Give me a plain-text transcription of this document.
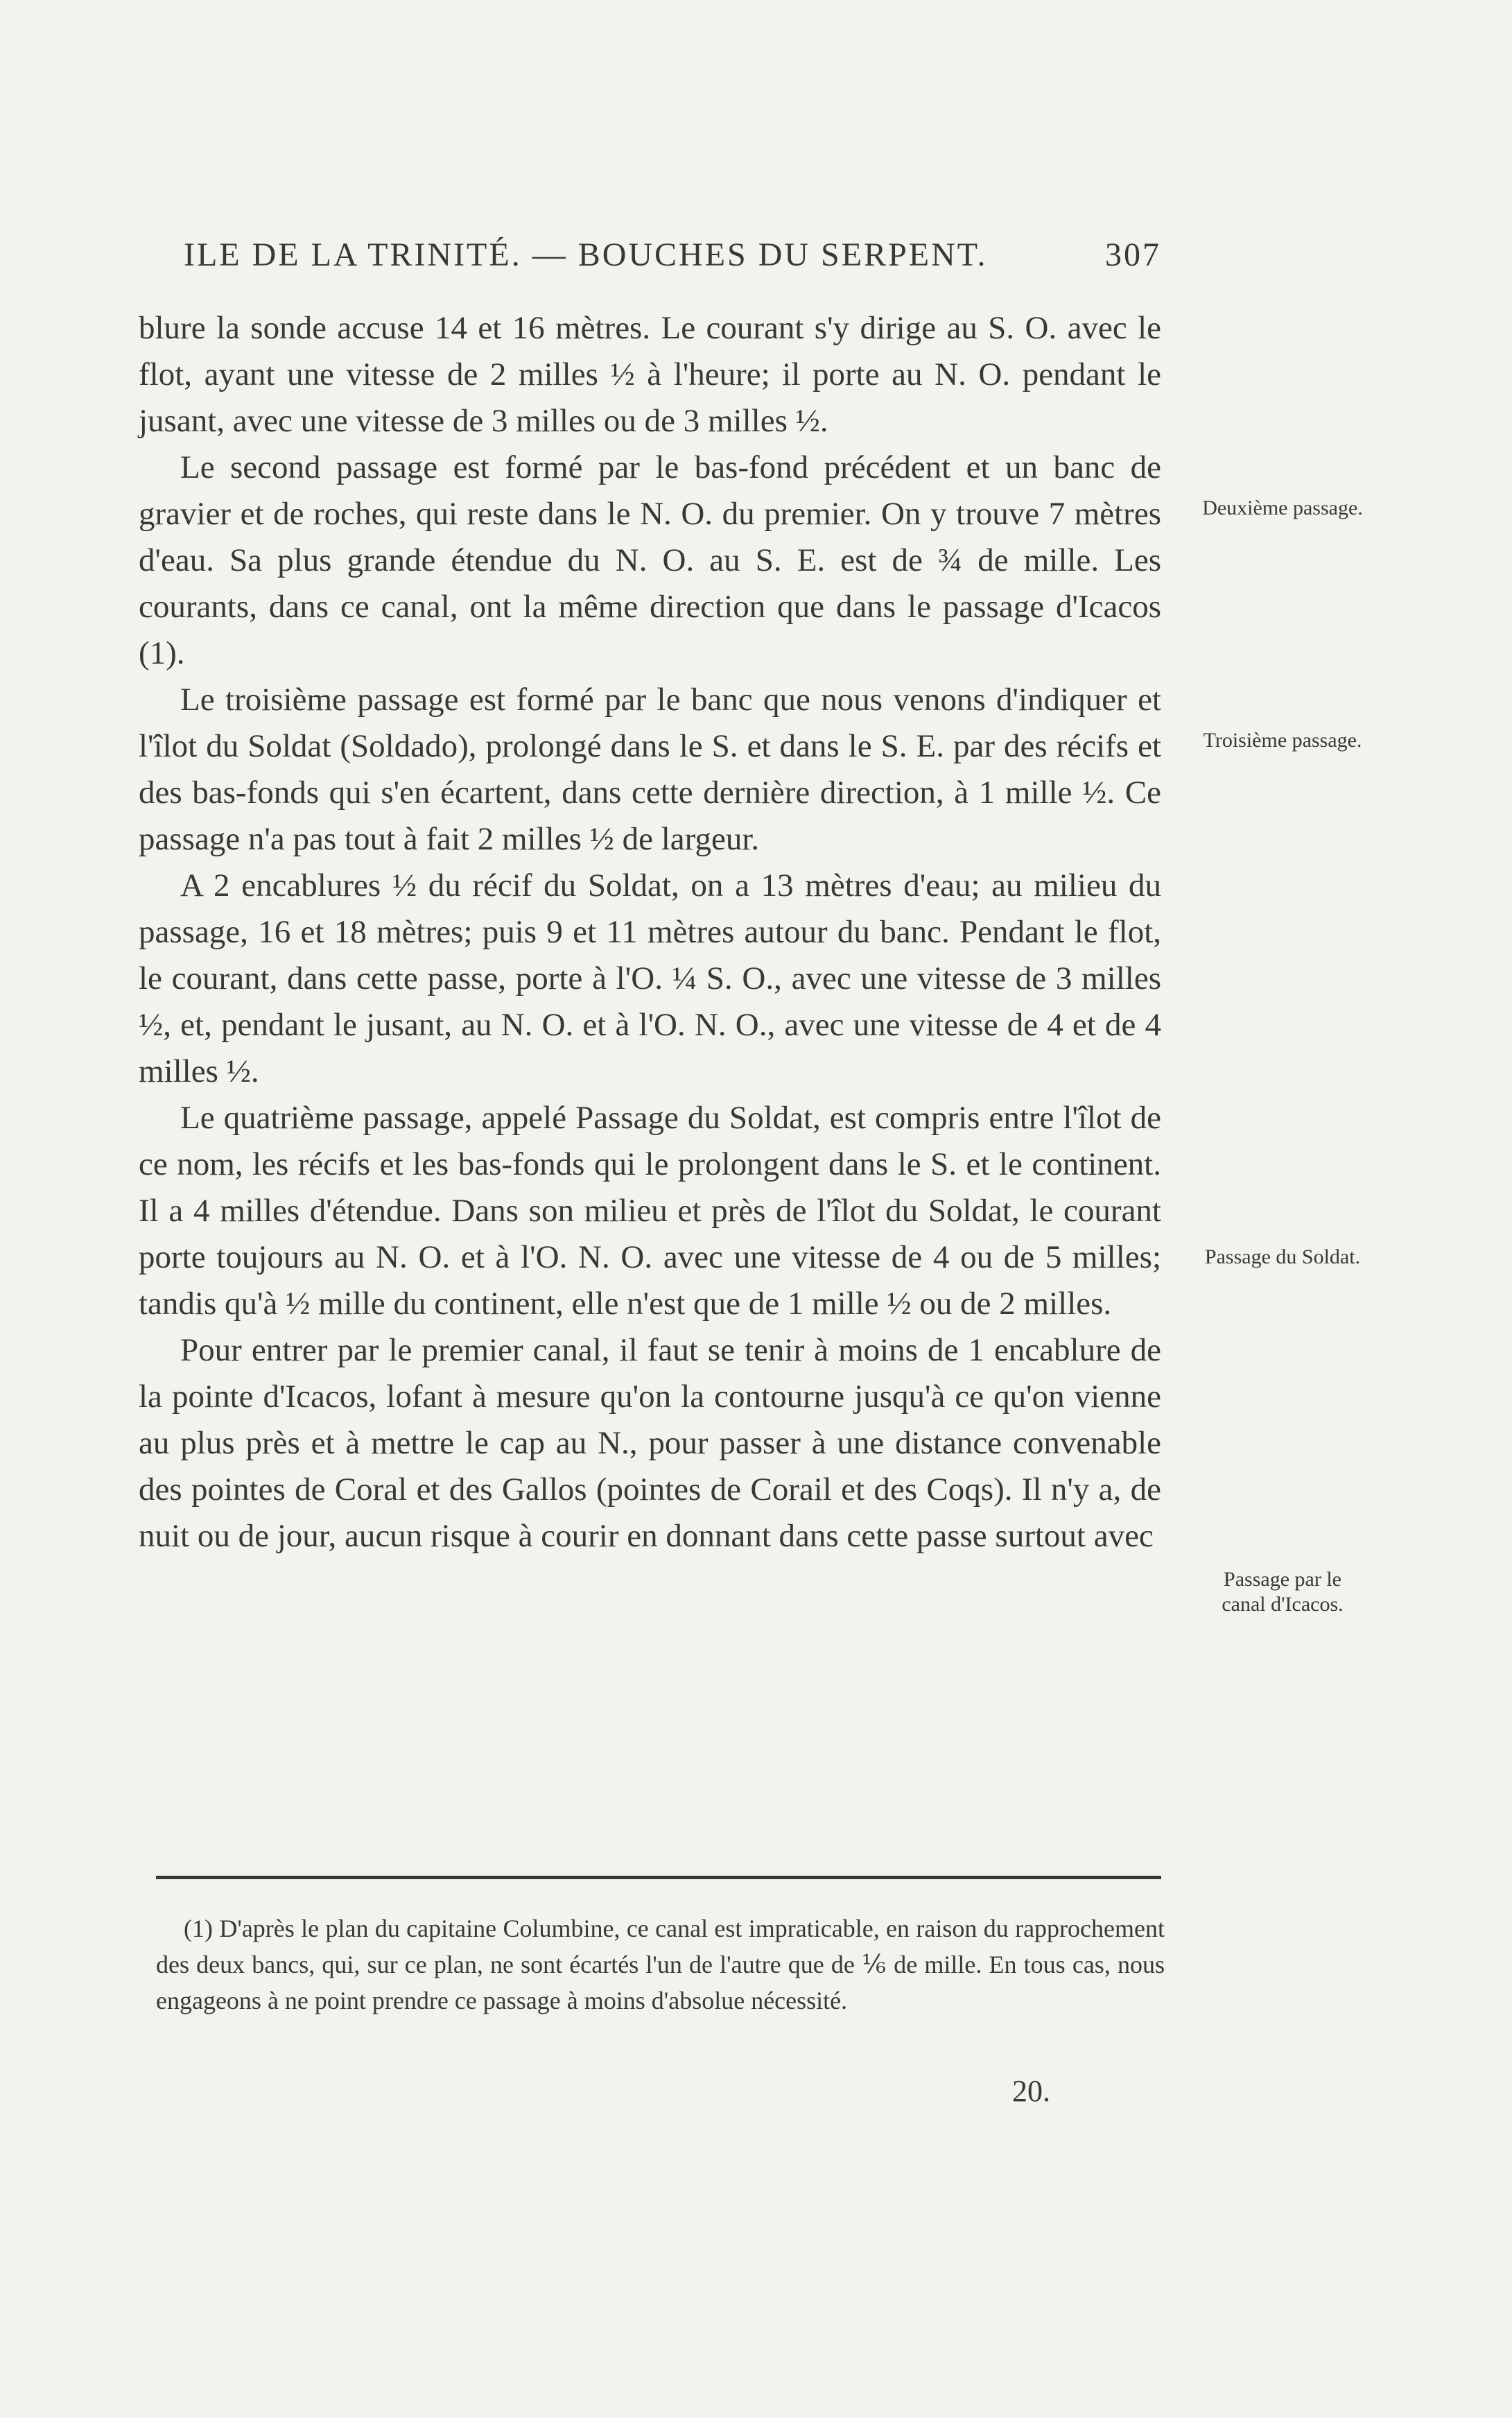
ILE DE LA TRINITÉ. — BOUCHES DU SERPENT.	307

blure la sonde accuse 14 et 16 mètres. Le courant s'y dirige au S. O. avec le flot, ayant une vitesse de 2 milles ½ à l'heure; il porte au N. O. pendant le jusant, avec une vitesse de 3 milles ou de 3 milles ½.

Le second passage est formé par le bas-fond précédent et un banc de gravier et de roches, qui reste dans le N. O. du premier. On y trouve 7 mètres d'eau. Sa plus grande étendue du N. O. au S. E. est de ¾ de mille. Les courants, dans ce canal, ont la même direction que dans le passage d'Icacos (1).

Le troisième passage est formé par le banc que nous venons d'indiquer et l'îlot du Soldat (Soldado), prolongé dans le S. et dans le S. E. par des récifs et des bas-fonds qui s'en écartent, dans cette dernière direction, à 1 mille ½. Ce passage n'a pas tout à fait 2 milles ½ de largeur.

A 2 encablures ½ du récif du Soldat, on a 13 mètres d'eau; au milieu du passage, 16 et 18 mètres; puis 9 et 11 mètres autour du banc. Pendant le flot, le courant, dans cette passe, porte à l'O. ¼ S. O., avec une vitesse de 3 milles ½, et, pendant le jusant, au N. O. et à l'O. N. O., avec une vitesse de 4 et de 4 milles ½.

Le quatrième passage, appelé Passage du Soldat, est compris entre l'îlot de ce nom, les récifs et les bas-fonds qui le prolongent dans le S. et le continent. Il a 4 milles d'étendue. Dans son milieu et près de l'îlot du Soldat, le courant porte toujours au N. O. et à l'O. N. O. avec une vitesse de 4 ou de 5 milles; tandis qu'à ½ mille du continent, elle n'est que de 1 mille ½ ou de 2 milles.

Pour entrer par le premier canal, il faut se tenir à moins de 1 encablure de la pointe d'Icacos, lofant à mesure qu'on la contourne jusqu'à ce qu'on vienne au plus près et à mettre le cap au N., pour passer à une distance convenable des pointes de Coral et des Gallos (pointes de Corail et des Coqs). Il n'y a, de nuit ou de jour, aucun risque à courir en donnant dans cette passe surtout avec

Deuxième passage.
Troisième passage.
Passage du Soldat.
Passage par le canal d'Icacos.

(1) D'après le plan du capitaine Columbine, ce canal est impraticable, en raison du rapprochement des deux bancs, qui, sur ce plan, ne sont écartés l'un de l'autre que de ⅙ de mille. En tous cas, nous engageons à ne point prendre ce passage à moins d'absolue nécessité.

20.
